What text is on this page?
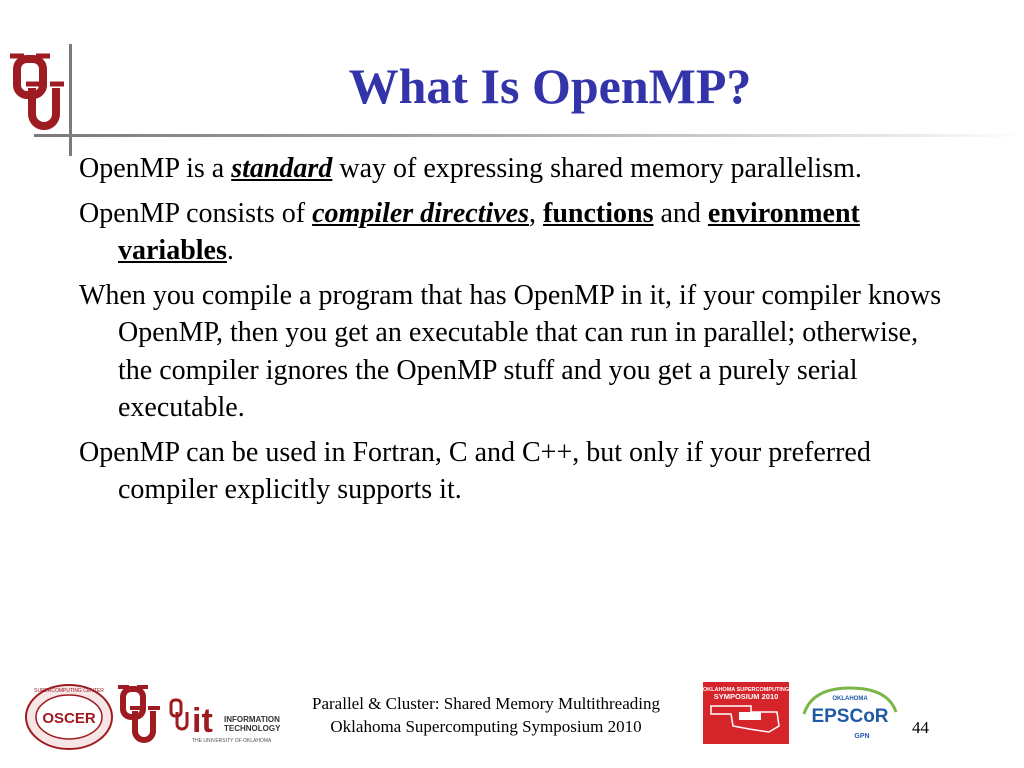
What Is OpenMP?

OpenMP is a standard way of expressing shared memory parallelism.

OpenMP consists of compiler directives, functions and environment variables.

When you compile a program that has OpenMP in it, if your compiler knows OpenMP, then you get an executable that can run in parallel; otherwise, the compiler ignores the OpenMP stuff and you get a purely serial executable.

OpenMP can be used in Fortran, C and C++, but only if your preferred compiler explicitly supports it.

OSCER
SUPERCOMPUTING CENTER
it INFORMATION
TECHNOLOGY
THE UNIVERSITY OF OKLAHOMA
Parallel & Cluster: Shared Memory Multithreading
Oklahoma Supercomputing Symposium 2010
OKLAHOMA SUPERCOMPUTING
SYMPOSIUM 2010	OKLAHOMA
EPSCoR
GPN 44
